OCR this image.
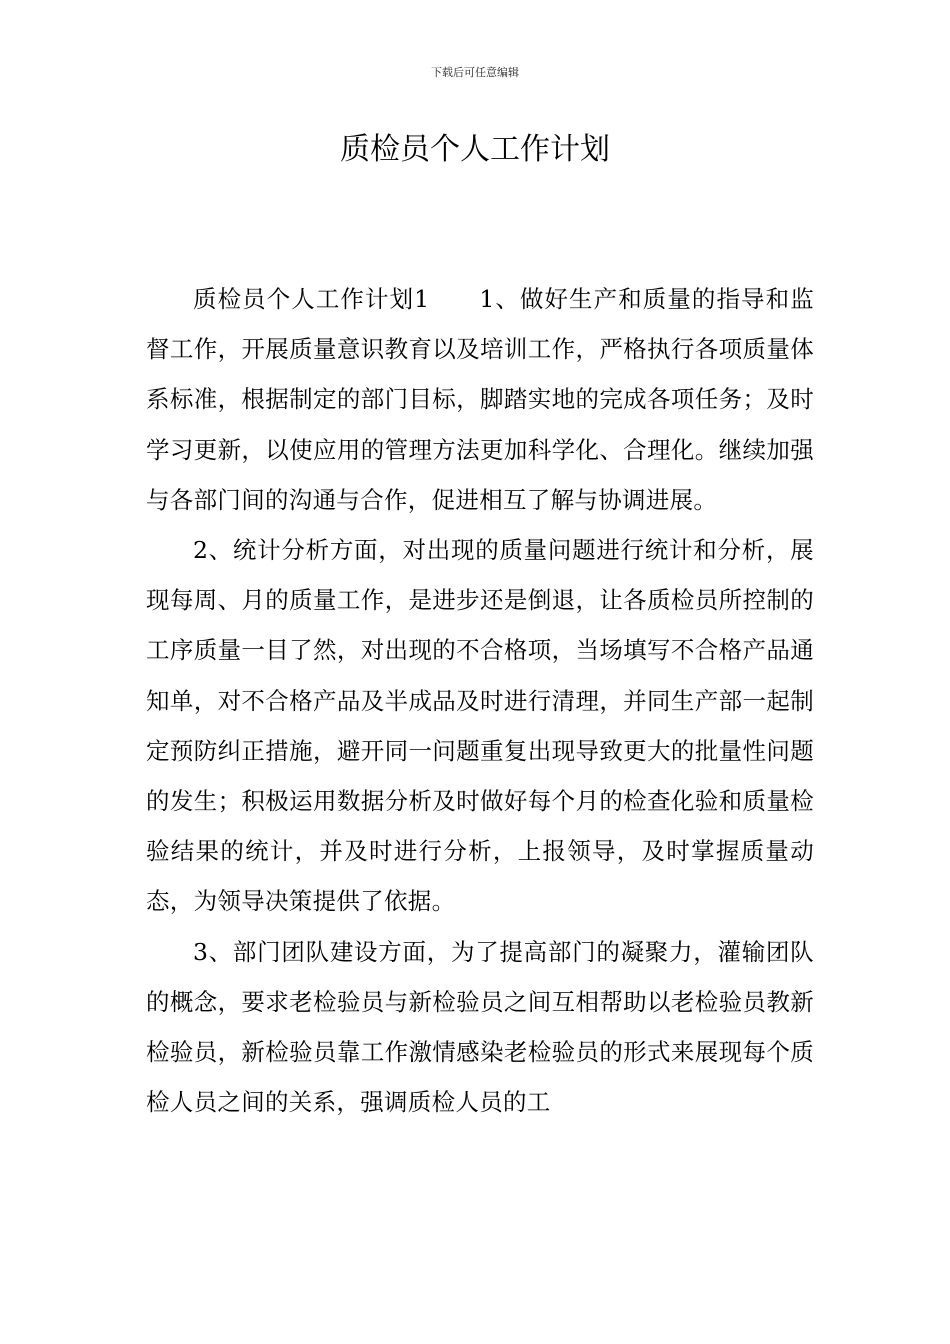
下载后可任意编辑
质检员个人工作计划

质检员个人工作计划1　　1、做好生产和质量的指导和监督工作，开展质量意识教育以及培训工作，严格执行各项质量体系标准，根据制定的部门目标，脚踏实地的完成各项任务；及时学习更新，以使应用的管理方法更加科学化、合理化。继续加强与各部门间的沟通与合作，促进相互了解与协调进展。

2、统计分析方面，对出现的质量问题进行统计和分析，展现每周、月的质量工作，是进步还是倒退，让各质检员所控制的工序质量一目了然，对出现的不合格项，当场填写不合格产品通知单，对不合格产品及半成品及时进行清理，并同生产部一起制定预防纠正措施，避开同一问题重复出现导致更大的批量性问题的发生；积极运用数据分析及时做好每个月的检查化验和质量检验结果的统计，并及时进行分析，上报领导，及时掌握质量动态，为领导决策提供了依据。

3、部门团队建设方面，为了提高部门的凝聚力，灌输团队的概念，要求老检验员与新检验员之间互相帮助以老检验员教新检验员，新检验员靠工作激情感染老检验员的形式来展现每个质检人员之间的关系，强调质检人员的工
